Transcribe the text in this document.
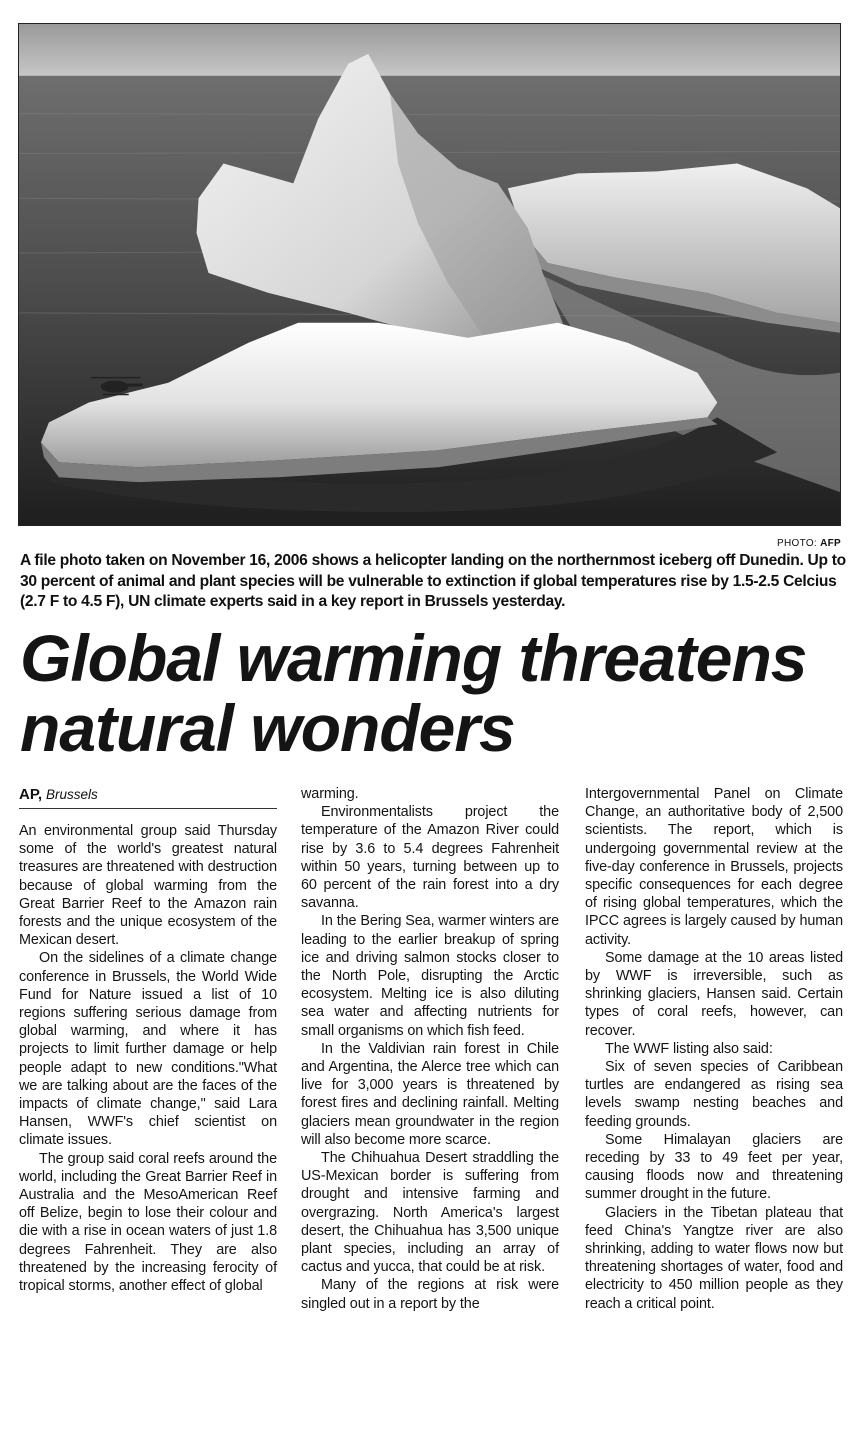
PHOTO: AFP
A file photo taken on November 16, 2006 shows a helicopter landing on the northernmost iceberg off Dunedin. Up to 30 percent of animal and plant species will be vulnerable to extinction if global temperatures rise by 1.5-2.5 Celcius (2.7 F to 4.5 F), UN climate experts said in a key report in Brussels yesterday.
Global warming threatens
natural wonders
AP, Brussels

An environmental group said Thursday some of the world's greatest natural treasures are threatened with destruction because of global warming from the Great Barrier Reef to the Amazon rain forests and the unique ecosystem of the Mexican desert.

On the sidelines of a climate change conference in Brussels, the World Wide Fund for Nature issued a list of 10 regions suffering serious damage from global warming, and where it has projects to limit further damage or help people adapt to new conditions."What we are talking about are the faces of the impacts of climate change," said Lara Hansen, WWF's chief scientist on climate issues.

The group said coral reefs around the world, including the Great Barrier Reef in Australia and the MesoAmerican Reef off Belize, begin to lose their colour and die with a rise in ocean waters of just 1.8 degrees Fahrenheit. They are also threatened by the increasing ferocity of tropical storms, another effect of global

warming.

Environmentalists project the temperature of the Amazon River could rise by 3.6 to 5.4 degrees Fahrenheit within 50 years, turning between up to 60 percent of the rain forest into a dry savanna.

In the Bering Sea, warmer winters are leading to the earlier breakup of spring ice and driving salmon stocks closer to the North Pole, disrupting the Arctic ecosystem. Melting ice is also diluting sea water and affecting nutrients for small organisms on which fish feed.

In the Valdivian rain forest in Chile and Argentina, the Alerce tree which can live for 3,000 years is threatened by forest fires and declining rainfall. Melting glaciers mean groundwater in the region will also become more scarce.

The Chihuahua Desert straddling the US-Mexican border is suffering from drought and intensive farming and overgrazing. North America's largest desert, the Chihuahua has 3,500 unique plant species, including an array of cactus and yucca, that could be at risk.

Many of the regions at risk were singled out in a report by the

Intergovernmental Panel on Climate Change, an authoritative body of 2,500 scientists. The report, which is undergoing governmental review at the five-day conference in Brussels, projects specific consequences for each degree of rising global temperatures, which the IPCC agrees is largely caused by human activity.

Some damage at the 10 areas listed by WWF is irreversible, such as shrinking glaciers, Hansen said. Certain types of coral reefs, however, can recover.

The WWF listing also said:

Six of seven species of Caribbean turtles are endangered as rising sea levels swamp nesting beaches and feeding grounds.

Some Himalayan glaciers are receding by 33 to 49 feet per year, causing floods now and threatening summer drought in the future.

Glaciers in the Tibetan plateau that feed China's Yangtze river are also shrinking, adding to water flows now but threatening shortages of water, food and electricity to 450 million people as they reach a critical point.
